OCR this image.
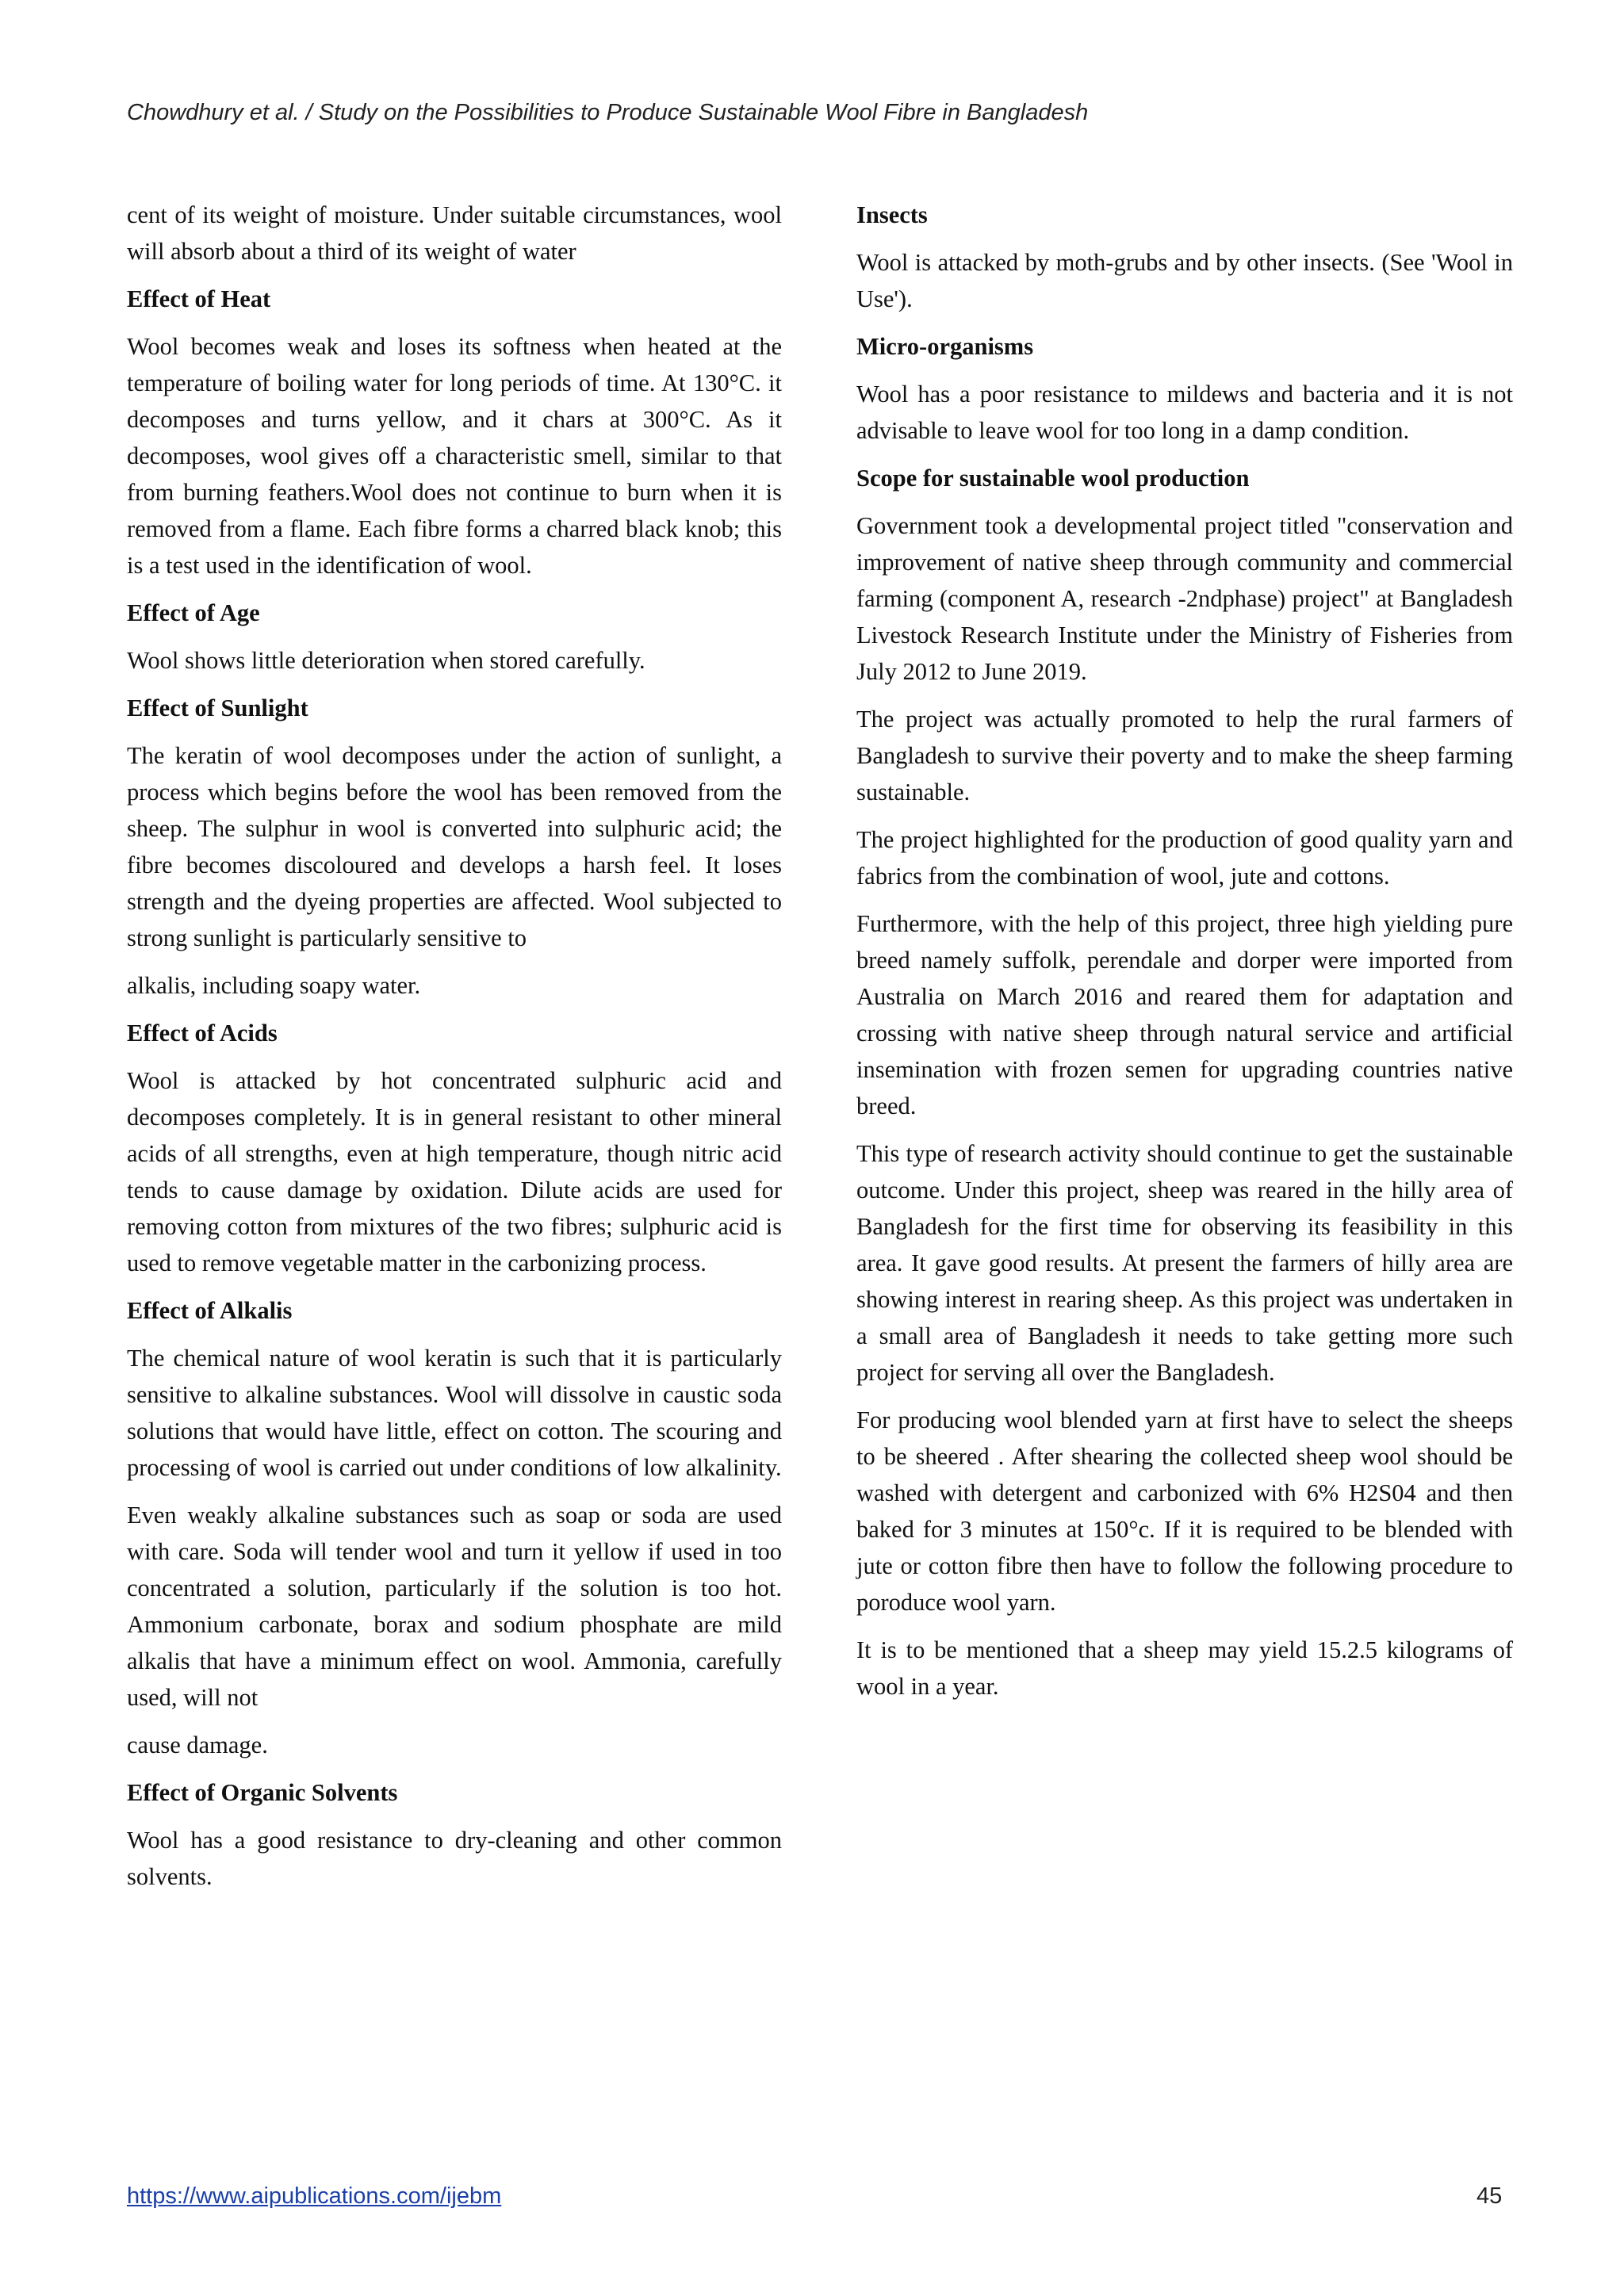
Chowdhury et al. / Study on the Possibilities to Produce Sustainable Wool Fibre in Bangladesh

cent of its weight of moisture. Under suitable circumstances, wool will absorb about a third of its weight of water

Effect of Heat

Wool becomes weak and loses its softness when heated at the temperature of boiling water for long periods of time. At 130°C. it decomposes and turns yellow, and it chars at 300°C. As it decomposes, wool gives off a characteristic smell, similar to that from burning feathers.Wool does not continue to burn when it is removed from a flame. Each fibre forms a charred black knob; this is a test used in the identification of wool.

Effect of Age

Wool shows little deterioration when stored carefully.

Effect of Sunlight

The keratin of wool decomposes under the action of sunlight, a process which begins before the wool has been removed from the sheep. The sulphur in wool is converted into sulphuric acid; the fibre becomes discoloured and develops a harsh feel. It loses strength and the dyeing properties are affected. Wool subjected to strong sunlight is particularly sensitive to

alkalis, including soapy water.

Effect of Acids

Wool is attacked by hot concentrated sulphuric acid and decomposes completely. It is in general resistant to other mineral acids of all strengths, even at high temperature, though nitric acid tends to cause damage by oxidation. Dilute acids are used for removing cotton from mixtures of the two fibres; sulphuric acid is used to remove vegetable matter in the carbonizing process.

Effect of Alkalis

The chemical nature of wool keratin is such that it is particularly sensitive to alkaline substances. Wool will dissolve in caustic soda solutions that would have little, effect on cotton. The scouring and processing of wool is carried out under conditions of low alkalinity.

Even weakly alkaline substances such as soap or soda are used with care. Soda will tender wool and turn it yellow if used in too concentrated a solution, particularly if the solution is too hot. Ammonium carbonate, borax and sodium phosphate are mild alkalis that have a minimum effect on wool. Ammonia, carefully used, will not

cause damage.

Effect of Organic Solvents

Wool has a good resistance to dry-cleaning and other common solvents.

Insects

Wool is attacked by moth-grubs and by other insects. (See 'Wool in Use').

Micro-organisms

Wool has a poor resistance to mildews and bacteria and it is not advisable to leave wool for too long in a damp condition.

Scope for sustainable wool production

Government took a developmental project titled "conservation and improvement of native sheep through community and commercial farming (component A, research -2ndphase) project" at Bangladesh Livestock Research Institute under the Ministry of Fisheries from July 2012 to June 2019.

The project was actually promoted to help the rural farmers of Bangladesh to survive their poverty and to make the sheep farming sustainable.

The project highlighted for the production of good quality yarn and fabrics from the combination of wool, jute and cottons.

Furthermore, with the help of this project, three high yielding pure breed namely suffolk, perendale and dorper were imported from Australia on March 2016 and reared them for adaptation and crossing with native sheep through natural service and artificial insemination with frozen semen for upgrading countries native breed.

This type of research activity should continue to get the sustainable outcome. Under this project, sheep was reared in the hilly area of Bangladesh for the first time for observing its feasibility in this area. It gave good results. At present the farmers of hilly area are showing interest in rearing sheep. As this project was undertaken in a small area of Bangladesh it needs to take getting more such project for serving all over the Bangladesh.

For producing wool blended yarn at first have to select the sheeps to be sheered . After shearing the collected sheep wool should be washed with detergent and carbonized with 6% H2S04 and then baked for 3 minutes at 150°c. If it is required to be blended with jute or cotton fibre then have to follow the following procedure to poroduce wool yarn.

It is to be mentioned that a sheep may yield 15.2.5 kilograms of wool in a year.

https://www.aipublications.com/ijebm	45
